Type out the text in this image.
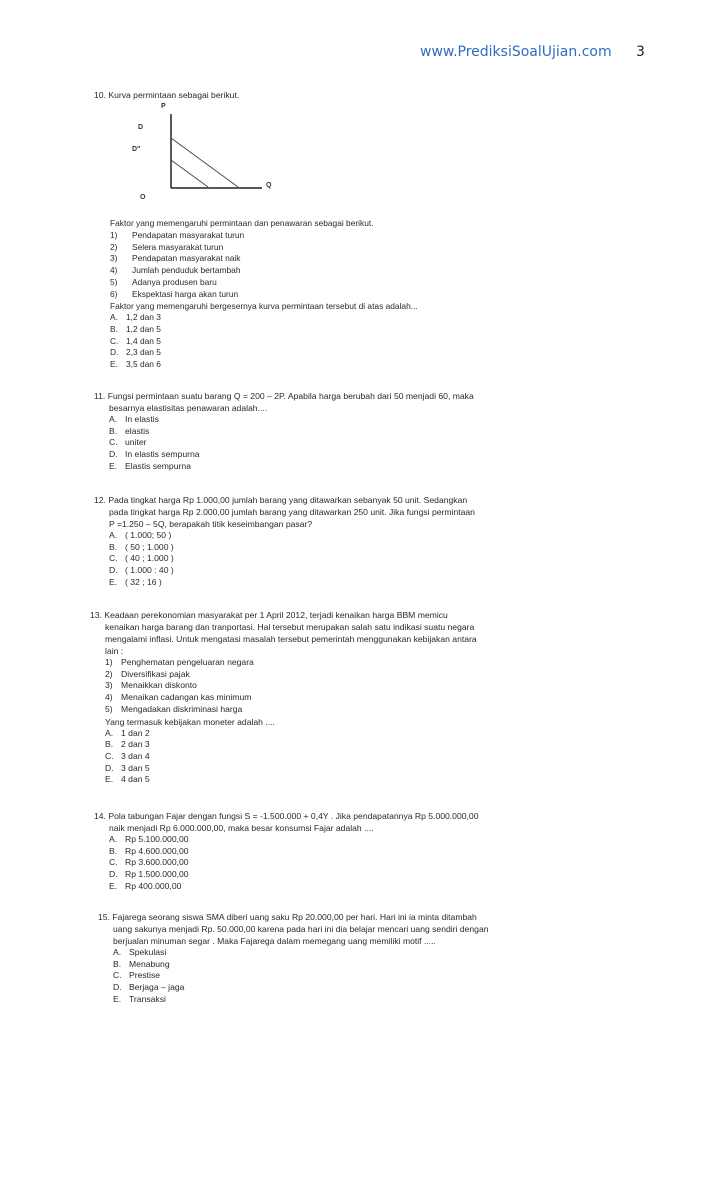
www.PrediksiSoalUjian.com 3
10. Kurva permintaan sebagai berikut.
P
D
D"
Q
O
Faktor yang memengaruhi permintaan dan penawaran sebagai berikut.
1) Pendapatan masyarakat turun
2) Selera masyarakat turun
3) Pendapatan masyarakat naik
4) Jumlah penduduk bertambah
5) Adanya produsen baru
6) Ekspektasi harga akan turun
Faktor yang memengaruhi bergesernya kurva permintaan tersebut di atas adalah...
A. 1,2 dan 3
B. 1,2 dan 5
C. 1,4 dan 5
D. 2,3 dan 5
E. 3,5 dan 6
11. Fungsi permintaan suatu barang Q = 200 – 2P. Apabila harga berubah dari 50 menjadi 60, maka
besarnya elastisitas penawaran adalah....
A. In elastis
B. elastis
C. uniter
D. In elastis sempurna
E. Elastis sempurna
12. Pada tingkat harga Rp 1.000,00 jumlah barang yang ditawarkan sebanyak 50 unit. Sedangkan
pada tingkat harga Rp 2.000,00 jumlah barang yang ditawarkan 250 unit. Jika fungsi permintaan
P =1.250 – 5Q, berapakah titik keseimbangan pasar?
A. ( 1.000; 50 )
B. ( 50 ; 1.000 )
C. ( 40 ; 1.000 )
D. ( 1.000 : 40 )
E. ( 32 ; 16 )
13. Keadaan perekonomian masyarakat per 1 April 2012, terjadi kenaikan harga BBM memicu
kenaikan harga barang dan tranportasi. Hal tersebut merupakan salah satu indikasi suatu negara
mengalami inflasi. Untuk mengatasi masalah tersebut pemerintah menggunakan kebijakan antara
lain :
1) Penghematan pengeluaran negara
2) Diversifikasi pajak
3) Menaikkan diskonto
4) Menaikan cadangan kas minimum
5) Mengadakan diskriminasi harga
Yang termasuk kebijakan moneter adalah ....
A. 1 dan 2
B. 2 dan 3
C. 3 dan 4
D. 3 dan 5
E. 4 dan 5
14. Pola tabungan Fajar dengan fungsi S = -1.500.000 + 0,4Y . Jika pendapatannya Rp 5.000.000,00
naik menjadi Rp 6.000.000,00, maka besar konsumsi Fajar adalah ....
A. Rp 5.100.000,00
B. Rp 4.600.000,00
C. Rp 3.600.000,00
D. Rp 1.500.000,00
E. Rp 400.000,00
15. Fajarega seorang siswa SMA diberi uang saku Rp 20.000,00 per hari. Hari ini ia minta ditambah
uang sakunya menjadi Rp. 50.000,00 karena pada hari ini dia belajar mencari uang sendiri dengan
berjualan minuman segar . Maka Fajarega dalam memegang uang memiliki motif .....
A. Spekulasi
B. Menabung
C. Prestise
D. Berjaga – jaga
E. Transaksi
